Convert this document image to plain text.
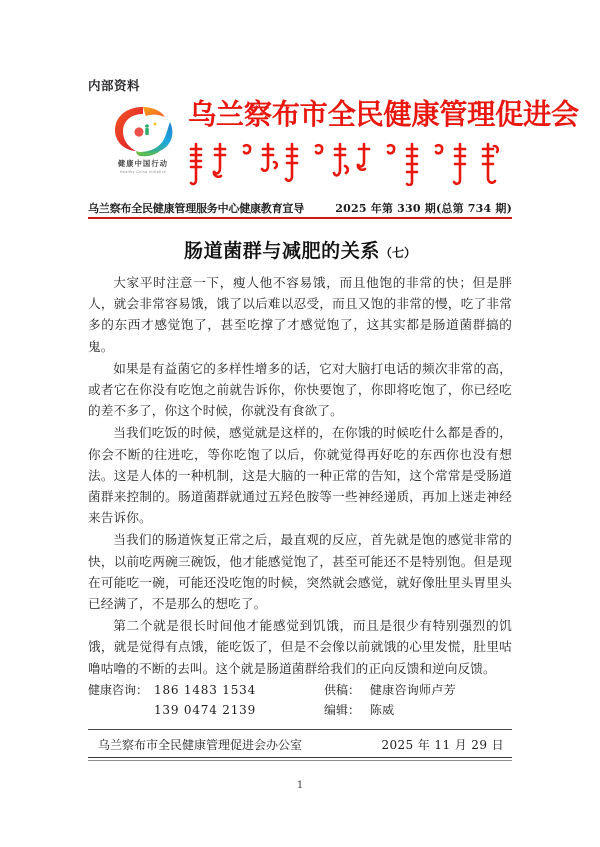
内部资料
健康中国行动
Healthy China Initiative
乌兰察布市全民健康管理促进会
乌兰察布全民健康管理服务中心健康教育宣导	2025 年第 330 期(总第 734 期)
肠道菌群与减肥的关系（七）

大家平时注意一下，瘦人他不容易饿，而且他饱的非常的快；但是胖人，就会非常容易饿，饿了以后难以忍受，而且又饱的非常的慢，吃了非常多的东西才感觉饱了，甚至吃撑了才感觉饱了，这其实都是肠道菌群搞的鬼。

如果是有益菌它的多样性增多的话，它对大脑打电话的频次非常的高，或者它在你没有吃饱之前就告诉你，你快要饱了，你即将吃饱了，你已经吃的差不多了，你这个时候，你就没有食欲了。

当我们吃饭的时候，感觉就是这样的，在你饿的时候吃什么都是香的，你会不断的往进吃，等你吃饱了以后，你就觉得再好吃的东西你也没有想法。这是人体的一种机制，这是大脑的一种正常的告知，这个常常是受肠道菌群来控制的。肠道菌群就通过五羟色胺等一些神经递质，再加上迷走神经来告诉你。

当我们的肠道恢复正常之后，最直观的反应，首先就是饱的感觉非常的快，以前吃两碗三碗饭，他才能感觉饱了，甚至可能还不是特别饱。但是现在可能吃一碗，可能还没吃饱的时候，突然就会感觉，就好像肚里头胃里头已经满了，不是那么的想吃了。

第二个就是很长时间他才能感觉到饥饿，而且是很少有特别强烈的饥饿，就是觉得有点饿，能吃饭了，但是不会像以前就饿的心里发慌，肚里咕噜咕噜的不断的去叫。这个就是肠道菌群给我们的正向反馈和逆向反馈。

健康咨询： 186 1483 1534	供稿： 健康咨询师卢芳
139 0474 2139	编辑： 陈威
乌兰察布市全民健康管理促进会办公室	2025 年 11 月 29 日
1
